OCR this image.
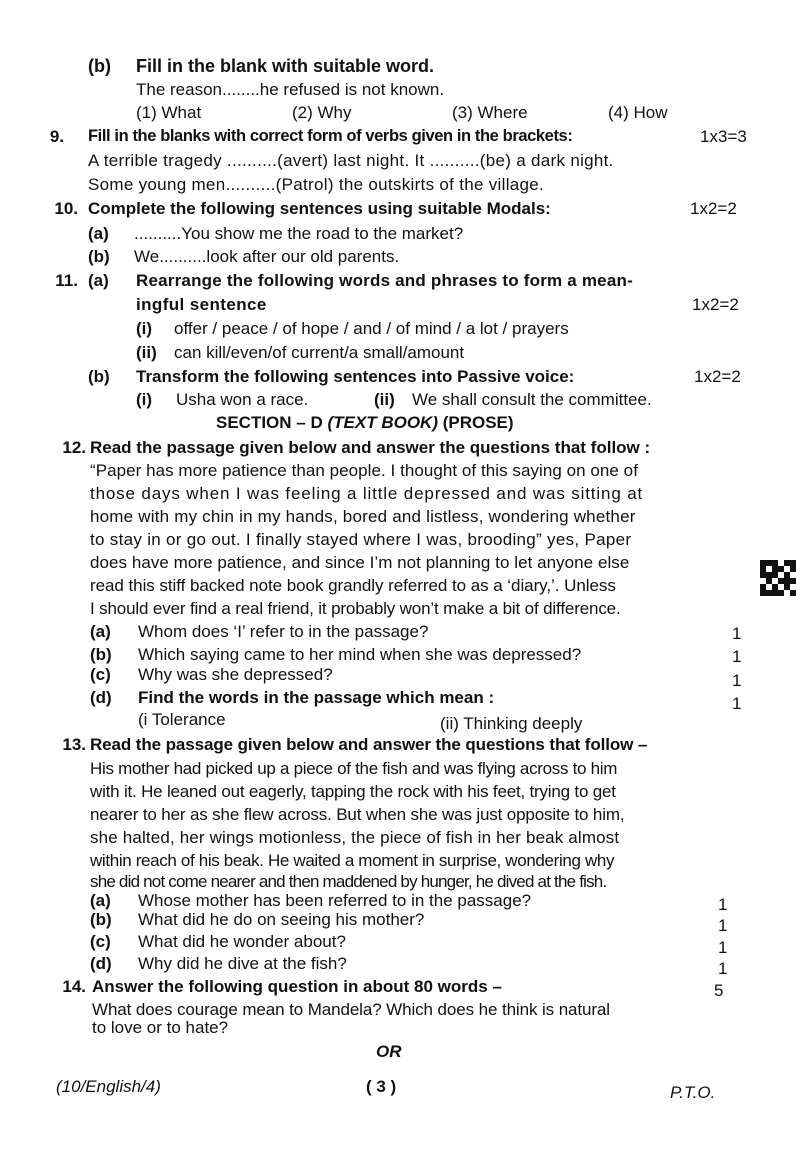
(b) Fill in the blank with suitable word.
The reason........he refused is not known.
(1) What	(2) Why	(3) Where	(4) How
9. Fill in the blanks with correct form of verbs given in the brackets:	1x3=3
A terrible tragedy ..........(avert) last night. It ..........(be) a dark night.
Some young men..........(Patrol) the outskirts of the village.
10. Complete the following sentences using suitable Modals:	1x2=2
(a) ..........You show me the road to the market?
(b) We..........look after our old parents.
11. (a) Rearrange the following words and phrases to form a mean-
ingful sentence	1x2=2
(i) offer / peace / of hope / and / of mind / a lot / prayers
(ii) can kill/even/of current/a small/amount
(b) Transform the following sentences into Passive voice:	1x2=2
(i) Usha won a race.	(ii) We shall consult the committee.
SECTION – D (TEXT BOOK) (PROSE)
12. Read the passage given below and answer the questions that follow :
“Paper has more patience than people. I thought of this saying on one of
those days when I was feeling a little depressed and was sitting at
home with my chin in my hands, bored and listless, wondering whether
to stay in or go out. I finally stayed where I was, brooding” yes, Paper
does have more patience, and since I’m not planning to let anyone else
read this stiff backed note book grandly referred to as a ‘diary,’. Unless
I should ever find a real friend, it probably won’t make a bit of difference.
(a) Whom does ‘I’ refer to in the passage?	1
(b) Which saying came to her mind when she was depressed?	1
(c) Why was she depressed?	1
(d) Find the words in the passage which mean :	1
(i Tolerance	(ii) Thinking deeply
13. Read the passage given below and answer the questions that follow –
His mother had picked up a piece of the fish and was flying across to him
with it. He leaned out eagerly, tapping the rock with his feet, trying to get
nearer to her as she flew across. But when she was just opposite to him,
she halted, her wings motionless, the piece of fish in her beak almost
within reach of his beak. He waited a moment in surprise, wondering why
she did not come nearer and then maddened by hunger, he dived at the fish.
(a) Whose mother has been referred to in the passage?	1
(b) What did he do on seeing his mother?	1
(c) What did he wonder about?	1
(d) Why did he dive at the fish?	1
14. Answer the following question in about 80 words –	5
What does courage mean to Mandela? Which does he think is natural
to love or to hate?
OR
(10/English/4)	( 3 )	P.T.O.
